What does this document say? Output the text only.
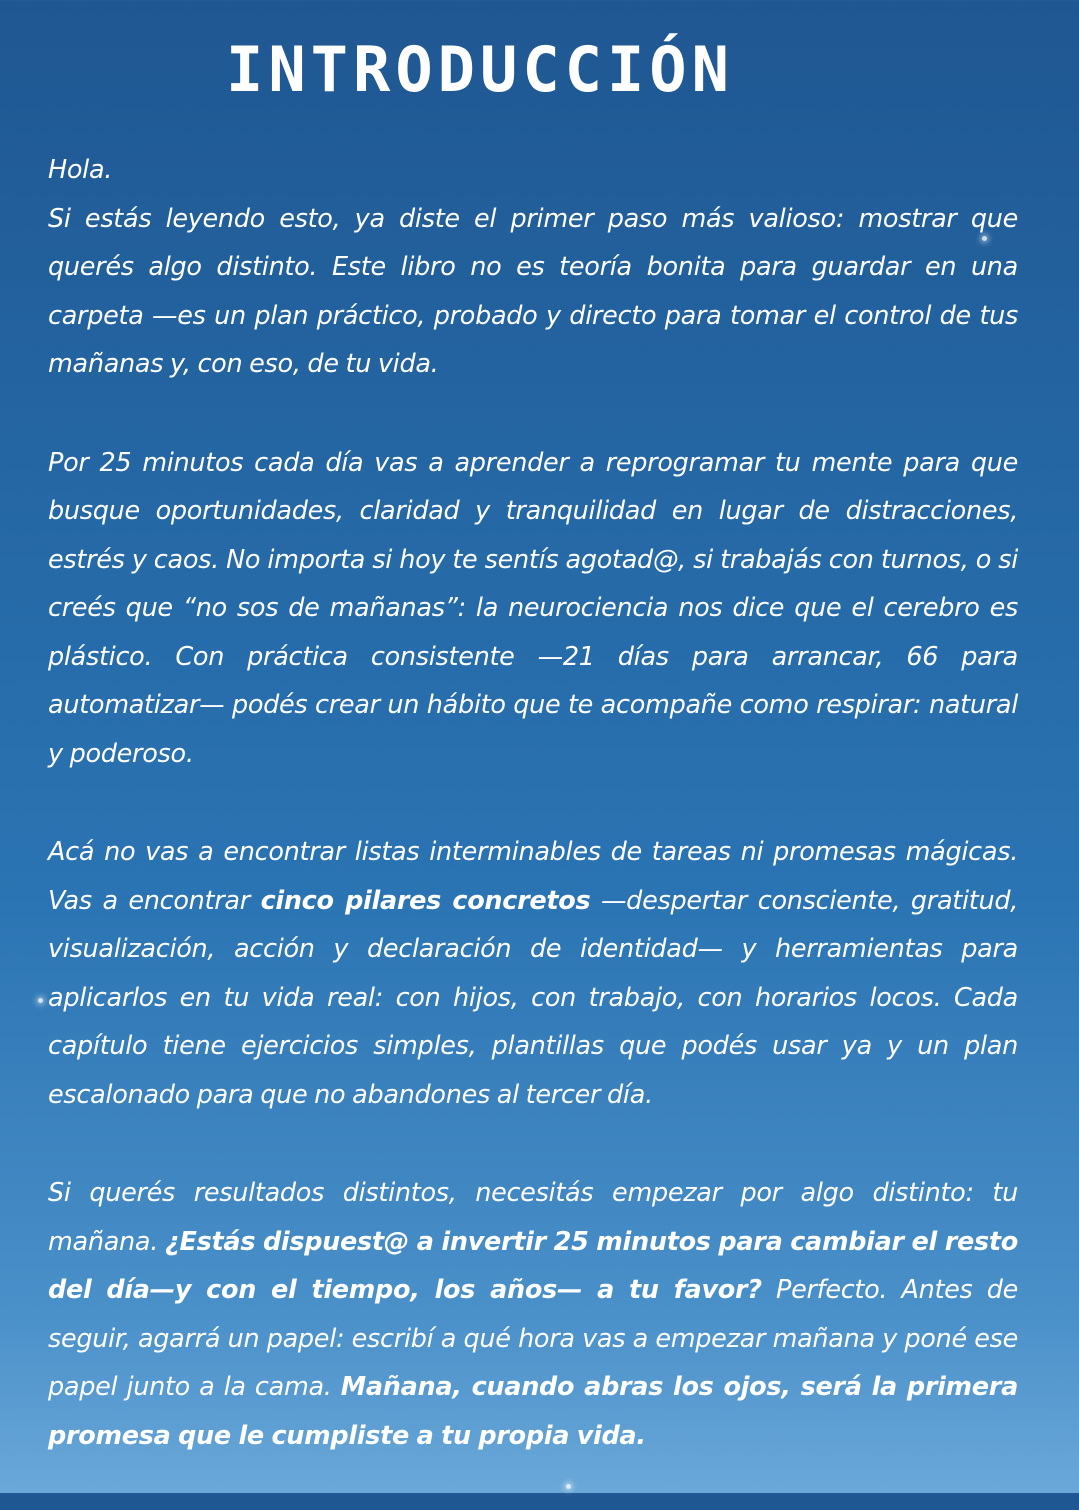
INTRODUCCIÓN

Hola.
Si estás leyendo esto, ya diste el primer paso más valioso: mostrar que querés algo distinto. Este libro no es teoría bonita para guardar en una carpeta —es un plan práctico, probado y directo para tomar el control de tus mañanas y, con eso, de tu vida.

Por 25 minutos cada día vas a aprender a reprogramar tu mente para que busque oportunidades, claridad y tranquilidad en lugar de distracciones, estrés y caos. No importa si hoy te sentís agotad@, si trabajás con turnos, o si creés que “no sos de mañanas”: la neurociencia nos dice que el cerebro es plástico. Con práctica consistente —21 días para arrancar, 66 para automatizar— podés crear un hábito que te acompañe como respirar: natural y poderoso.

Acá no vas a encontrar listas interminables de tareas ni promesas mágicas. Vas a encontrar cinco pilares concretos —despertar consciente, gratitud, visualización, acción y declaración de identidad— y herramientas para aplicarlos en tu vida real: con hijos, con trabajo, con horarios locos. Cada capítulo tiene ejercicios simples, plantillas que podés usar ya y un plan escalonado para que no abandones al tercer día.

Si querés resultados distintos, necesitás empezar por algo distinto: tu mañana. ¿Estás dispuest@ a invertir 25 minutos para cambiar el resto del día—y con el tiempo, los años— a tu favor? Perfecto. Antes de seguir, agarrá un papel: escribí a qué hora vas a empezar mañana y poné ese papel junto a la cama. Mañana, cuando abras los ojos, será la primera promesa que le cumpliste a tu propia vida.
